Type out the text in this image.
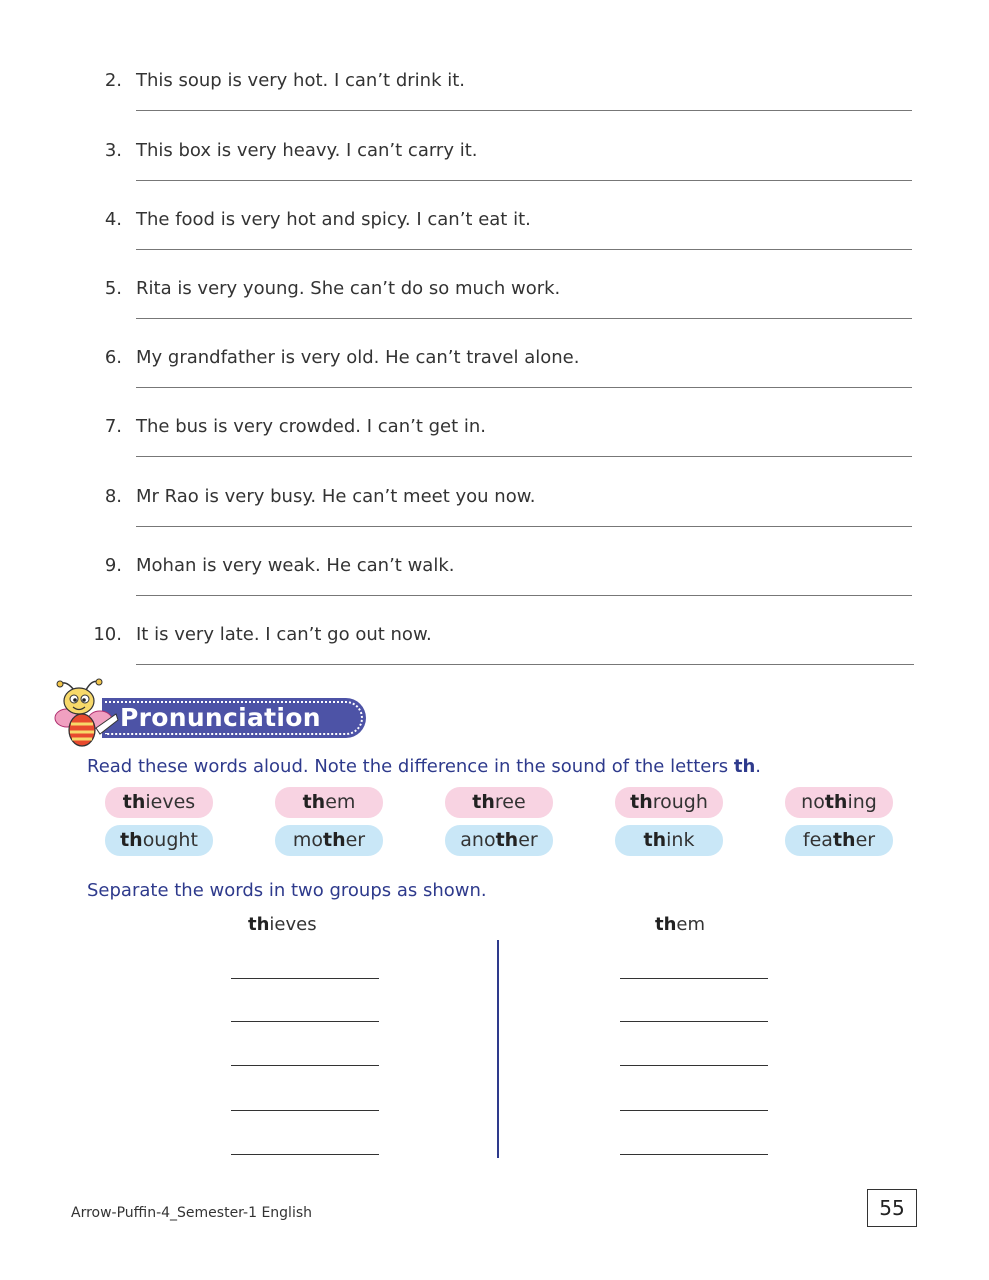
2. This soup is very hot. I can’t drink it.
3. This box is very heavy. I can’t carry it.
4. The food is very hot and spicy. I can’t eat it.
5. Rita is very young. She can’t do so much work.
6. My grandfather is very old. He can’t travel alone.
7. The bus is very crowded. I can’t get in.
8. Mr Rao is very busy. He can’t meet you now.
9. Mohan is very weak. He can’t walk.
10. It is very late. I can’t go out now.
Pronunciation
Read these words aloud. Note the difference in the sound of the letters th.
thieves	them	three	through	nothing
thought	mother	another	think	feather
Separate the words in two groups as shown.
thieves	them
Arrow-Puffin-4_Semester-1 English	55
